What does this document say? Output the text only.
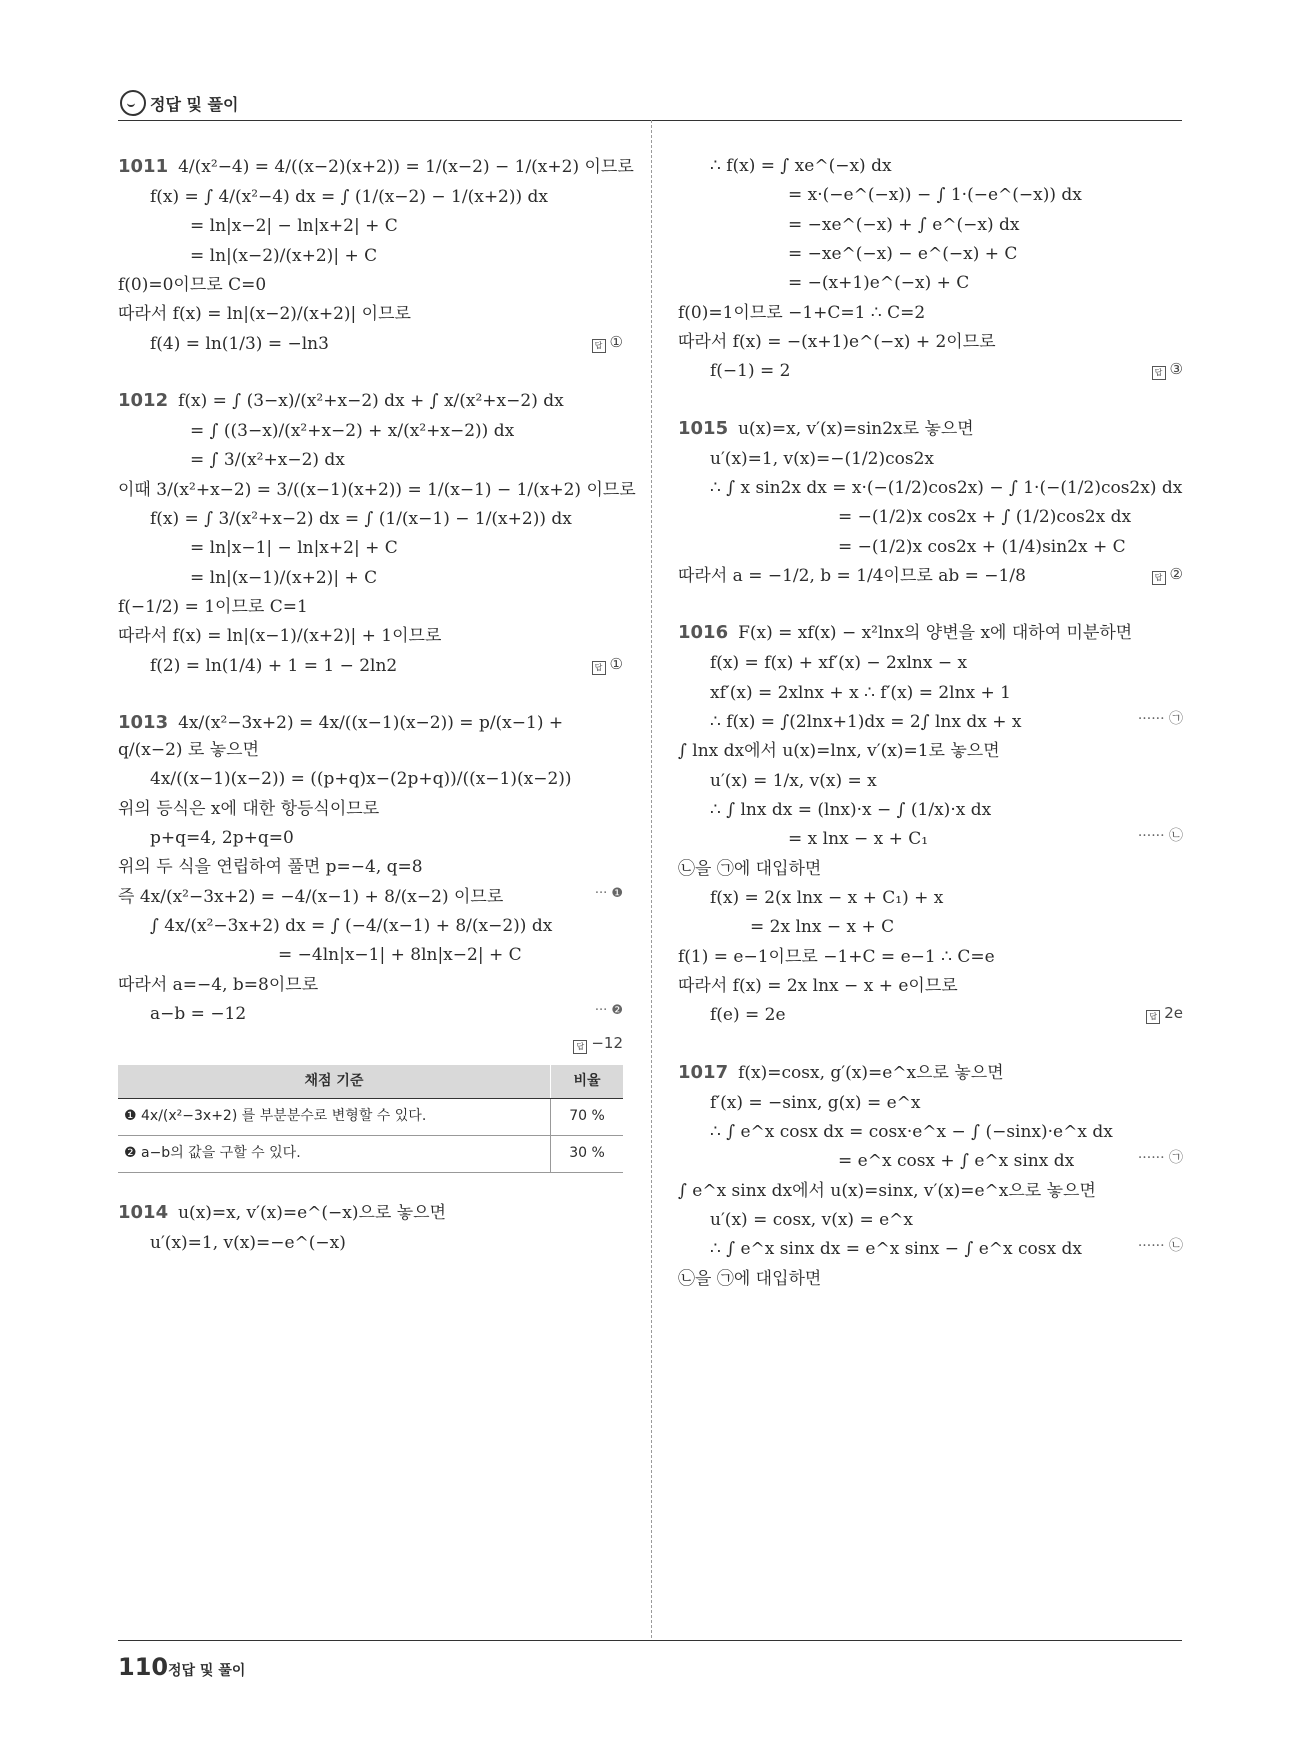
정답 및 풀이
1011 4/(x²−4) = 4/((x−2)(x+2)) = 1/(x−2) − 1/(x+2) 이므로
f(x) = ∫ 4/(x²−4) dx = ∫ (1/(x−2) − 1/(x+2)) dx
= ln|x−2| − ln|x+2| + C
= ln|(x−2)/(x+2)| + C
f(0)=0이므로 C=0
따라서 f(x) = ln|(x−2)/(x+2)| 이므로
답 ①
f(4) = ln(1/3) = −ln3
1012 f(x) = ∫ (3−x)/(x²+x−2) dx + ∫ x/(x²+x−2) dx
= ∫ ((3−x)/(x²+x−2) + x/(x²+x−2)) dx
= ∫ 3/(x²+x−2) dx
이때 3/(x²+x−2) = 3/((x−1)(x+2)) = 1/(x−1) − 1/(x+2) 이므로
f(x) = ∫ 3/(x²+x−2) dx = ∫ (1/(x−1) − 1/(x+2)) dx
= ln|x−1| − ln|x+2| + C
= ln|(x−1)/(x+2)| + C
f(−1/2) = 1이므로 C=1
따라서 f(x) = ln|(x−1)/(x+2)| + 1이므로
답 ①
f(2) = ln(1/4) + 1 = 1 − 2ln2
1013 4x/(x²−3x+2) = 4x/((x−1)(x−2)) = p/(x−1) + q/(x−2) 로 놓으면
4x/((x−1)(x−2)) = ((p+q)x−(2p+q))/((x−1)(x−2))
위의 등식은 x에 대한 항등식이므로
p+q=4, 2p+q=0
위의 두 식을 연립하여 풀면 p=−4, q=8
··· ❶
즉 4x/(x²−3x+2) = −4/(x−1) + 8/(x−2) 이므로
∫ 4x/(x²−3x+2) dx = ∫ (−4/(x−1) + 8/(x−2)) dx
= −4ln|x−1| + 8ln|x−2| + C
따라서 a=−4, b=8이므로
··· ❷
a−b = −12
답 −12
채점 기준	비율
❶ 4x/(x²−3x+2) 를 부분분수로 변형할 수 있다.	70 %
❷ a−b의 값을 구할 수 있다.	30 %
1014 u(x)=x, v′(x)=e^(−x)으로 놓으면
u′(x)=1, v(x)=−e^(−x)
∴ f(x) = ∫ xe^(−x) dx
= x·(−e^(−x)) − ∫ 1·(−e^(−x)) dx
= −xe^(−x) + ∫ e^(−x) dx
= −xe^(−x) − e^(−x) + C
= −(x+1)e^(−x) + C
f(0)=1이므로 −1+C=1 ∴ C=2
따라서 f(x) = −(x+1)e^(−x) + 2이므로
답 ③
f(−1) = 2
1015 u(x)=x, v′(x)=sin2x로 놓으면
u′(x)=1, v(x)=−(1/2)cos2x
∴ ∫ x sin2x dx = x·(−(1/2)cos2x) − ∫ 1·(−(1/2)cos2x) dx
= −(1/2)x cos2x + ∫ (1/2)cos2x dx
= −(1/2)x cos2x + (1/4)sin2x + C
답 ②
따라서 a = −1/2, b = 1/4이므로 ab = −1/8
1016 F(x) = xf(x) − x²lnx의 양변을 x에 대하여 미분하면
f(x) = f(x) + xf′(x) − 2xlnx − x
xf′(x) = 2xlnx + x ∴ f′(x) = 2lnx + 1
······ ㉠
∴ f(x) = ∫(2lnx+1)dx = 2∫ lnx dx + x
∫ lnx dx에서 u(x)=lnx, v′(x)=1로 놓으면
u′(x) = 1/x, v(x) = x
∴ ∫ lnx dx = (lnx)·x − ∫ (1/x)·x dx
······ ㉡
= x lnx − x + C₁
㉡을 ㉠에 대입하면
f(x) = 2(x lnx − x + C₁) + x
= 2x lnx − x + C
f(1) = e−1이므로 −1+C = e−1 ∴ C=e
따라서 f(x) = 2x lnx − x + e이므로
답 2e
f(e) = 2e
1017 f(x)=cosx, g′(x)=e^x으로 놓으면
f′(x) = −sinx, g(x) = e^x
∴ ∫ e^x cosx dx = cosx·e^x − ∫ (−sinx)·e^x dx
······ ㉠
= e^x cosx + ∫ e^x sinx dx
∫ e^x sinx dx에서 u(x)=sinx, v′(x)=e^x으로 놓으면
u′(x) = cosx, v(x) = e^x
······ ㉡
∴ ∫ e^x sinx dx = e^x sinx − ∫ e^x cosx dx
㉡을 ㉠에 대입하면
110 정답 및 풀이
